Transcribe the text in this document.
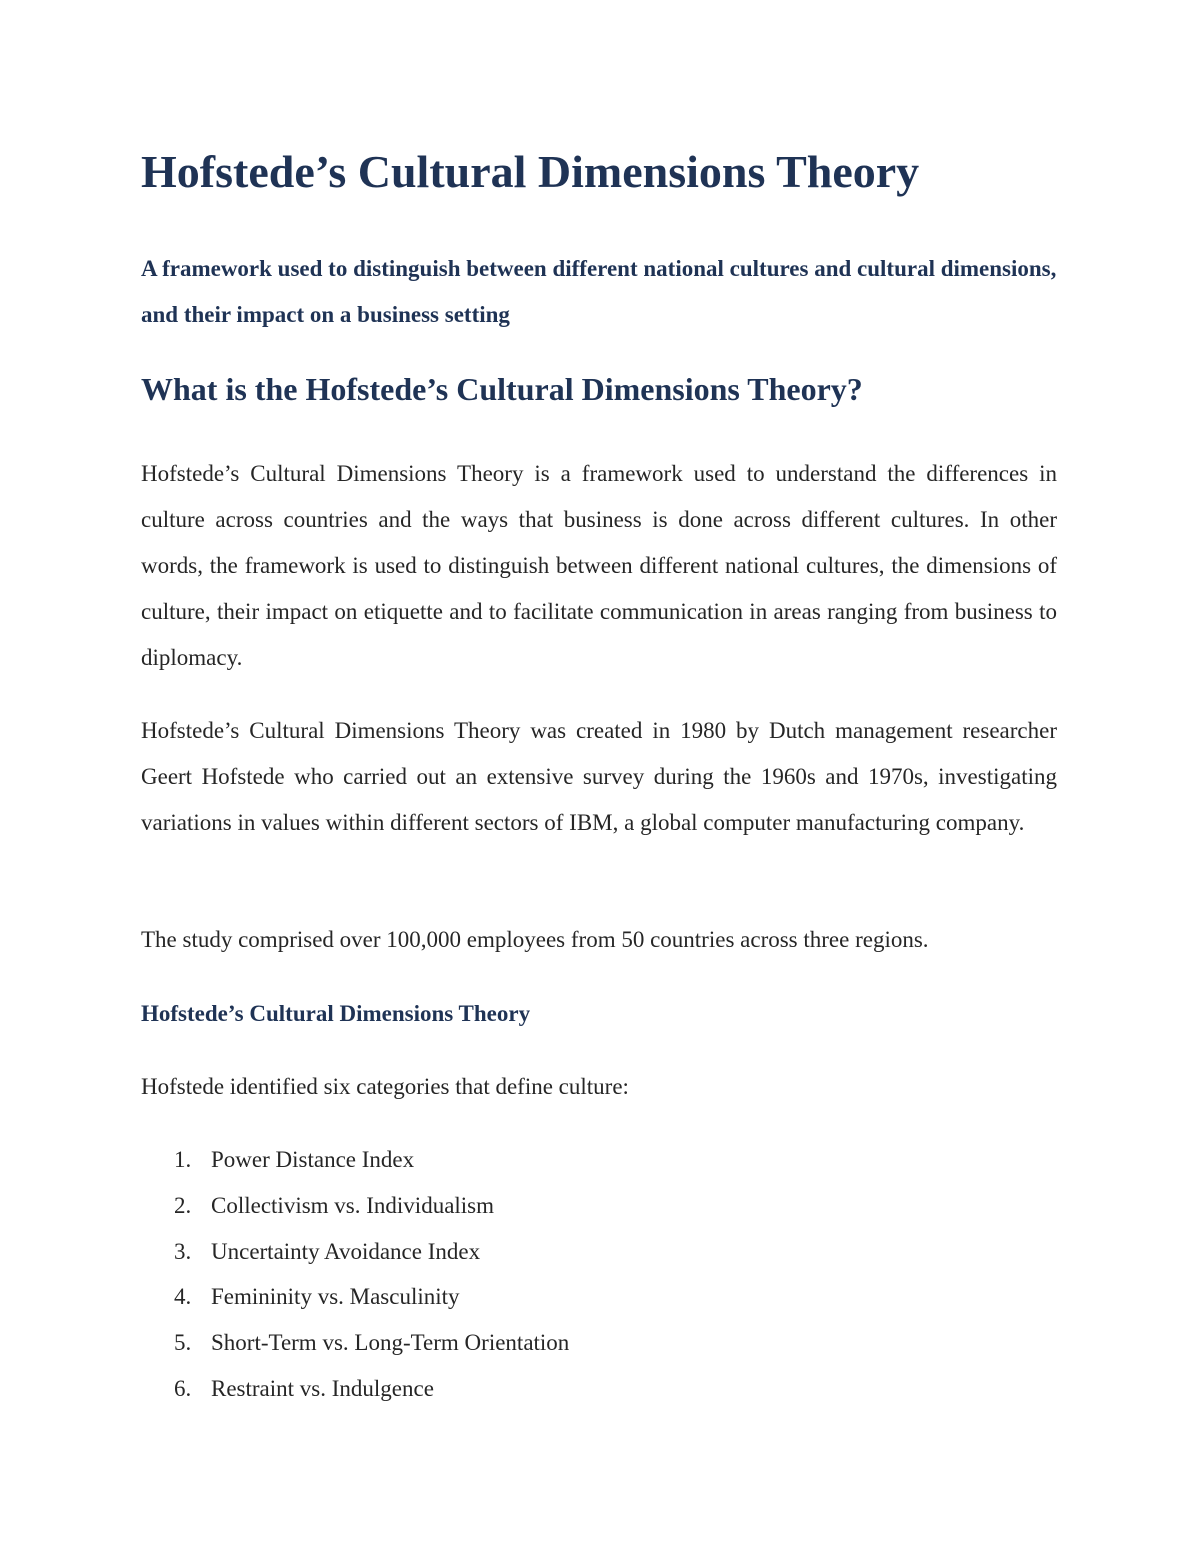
Hofstede’s Cultural Dimensions Theory

A framework used to distinguish between different national cultures and cultural dimensions, and their impact on a business setting

What is the Hofstede’s Cultural Dimensions Theory?

Hofstede’s Cultural Dimensions Theory is a framework used to understand the differences in culture across countries and the ways that business is done across different cultures. In other words, the framework is used to distinguish between different national cultures, the dimensions of culture, their impact on etiquette and to facilitate communication in areas ranging from business to diplomacy.

Hofstede’s Cultural Dimensions Theory was created in 1980 by Dutch management researcher Geert Hofstede who carried out an extensive survey during the 1960s and 1970s, investigating variations in values within different sectors of IBM, a global computer manufacturing company.

The study comprised over 100,000 employees from 50 countries across three regions.

Hofstede’s Cultural Dimensions Theory

Hofstede identified six categories that define culture:

1. Power Distance Index
2. Collectivism vs. Individualism
3. Uncertainty Avoidance Index
4. Femininity vs. Masculinity
5. Short-Term vs. Long-Term Orientation
6. Restraint vs. Indulgence
